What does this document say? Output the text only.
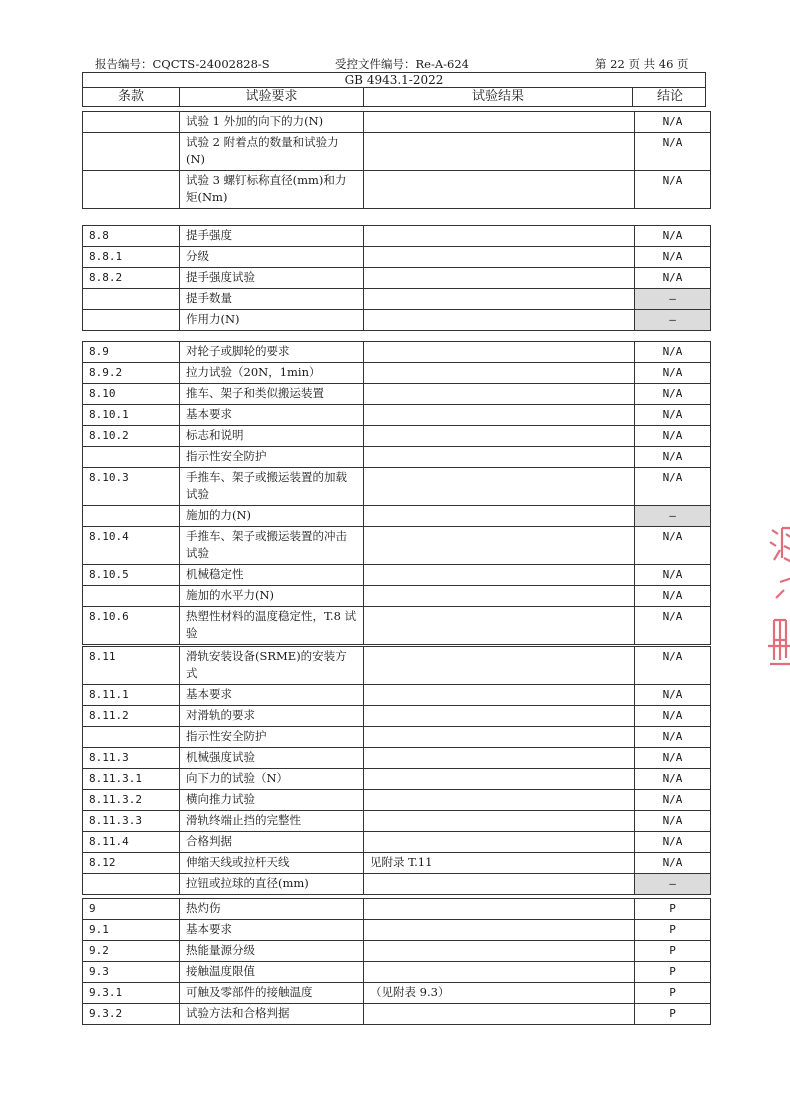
报告编号：CQCTS-24002828-S	受控文件编号：Re-A-624	第 22 页 共 46 页
GB 4943.1-2022
条款	试验要求	试验结果	结论
	试验 1 外加的向下的力(N)		N/A
	试验 2 附着点的数量和试验力(N)		N/A
	试验 3 螺钉标称直径(mm)和力矩(Nm)		N/A
8.8	提手强度		N/A
8.8.1	分级		N/A
8.8.2	提手强度试验		N/A
	提手数量		—
	作用力(N)		—
8.9	对轮子或脚轮的要求		N/A
8.9.2	拉力试验（20N，1min）		N/A
8.10	推车、架子和类似搬运装置		N/A
8.10.1	基本要求		N/A
8.10.2	标志和说明		N/A
	指示性安全防护		N/A
8.10.3	手推车、架子或搬运装置的加载试验		N/A
	施加的力(N)		—
8.10.4	手推车、架子或搬运装置的冲击试验		N/A
8.10.5	机械稳定性		N/A
	施加的水平力(N)		N/A
8.10.6	热塑性材料的温度稳定性，T.8 试验		N/A
8.11	滑轨安装设备(SRME)的安装方式		N/A
8.11.1	基本要求		N/A
8.11.2	对滑轨的要求		N/A
	指示性安全防护		N/A
8.11.3	机械强度试验		N/A
8.11.3.1	向下力的试验（N）		N/A
8.11.3.2	横向推力试验		N/A
8.11.3.3	滑轨终端止挡的完整性		N/A
8.11.4	合格判据		N/A
8.12	伸缩天线或拉杆天线	见附录 T.11	N/A
	拉钮或拉球的直径(mm)		—
9	热灼伤		P
9.1	基本要求		P
9.2	热能量源分级		P
9.3	接触温度限值		P
9.3.1	可触及零部件的接触温度	（见附表 9.3）	P
9.3.2	试验方法和合格判据		P
